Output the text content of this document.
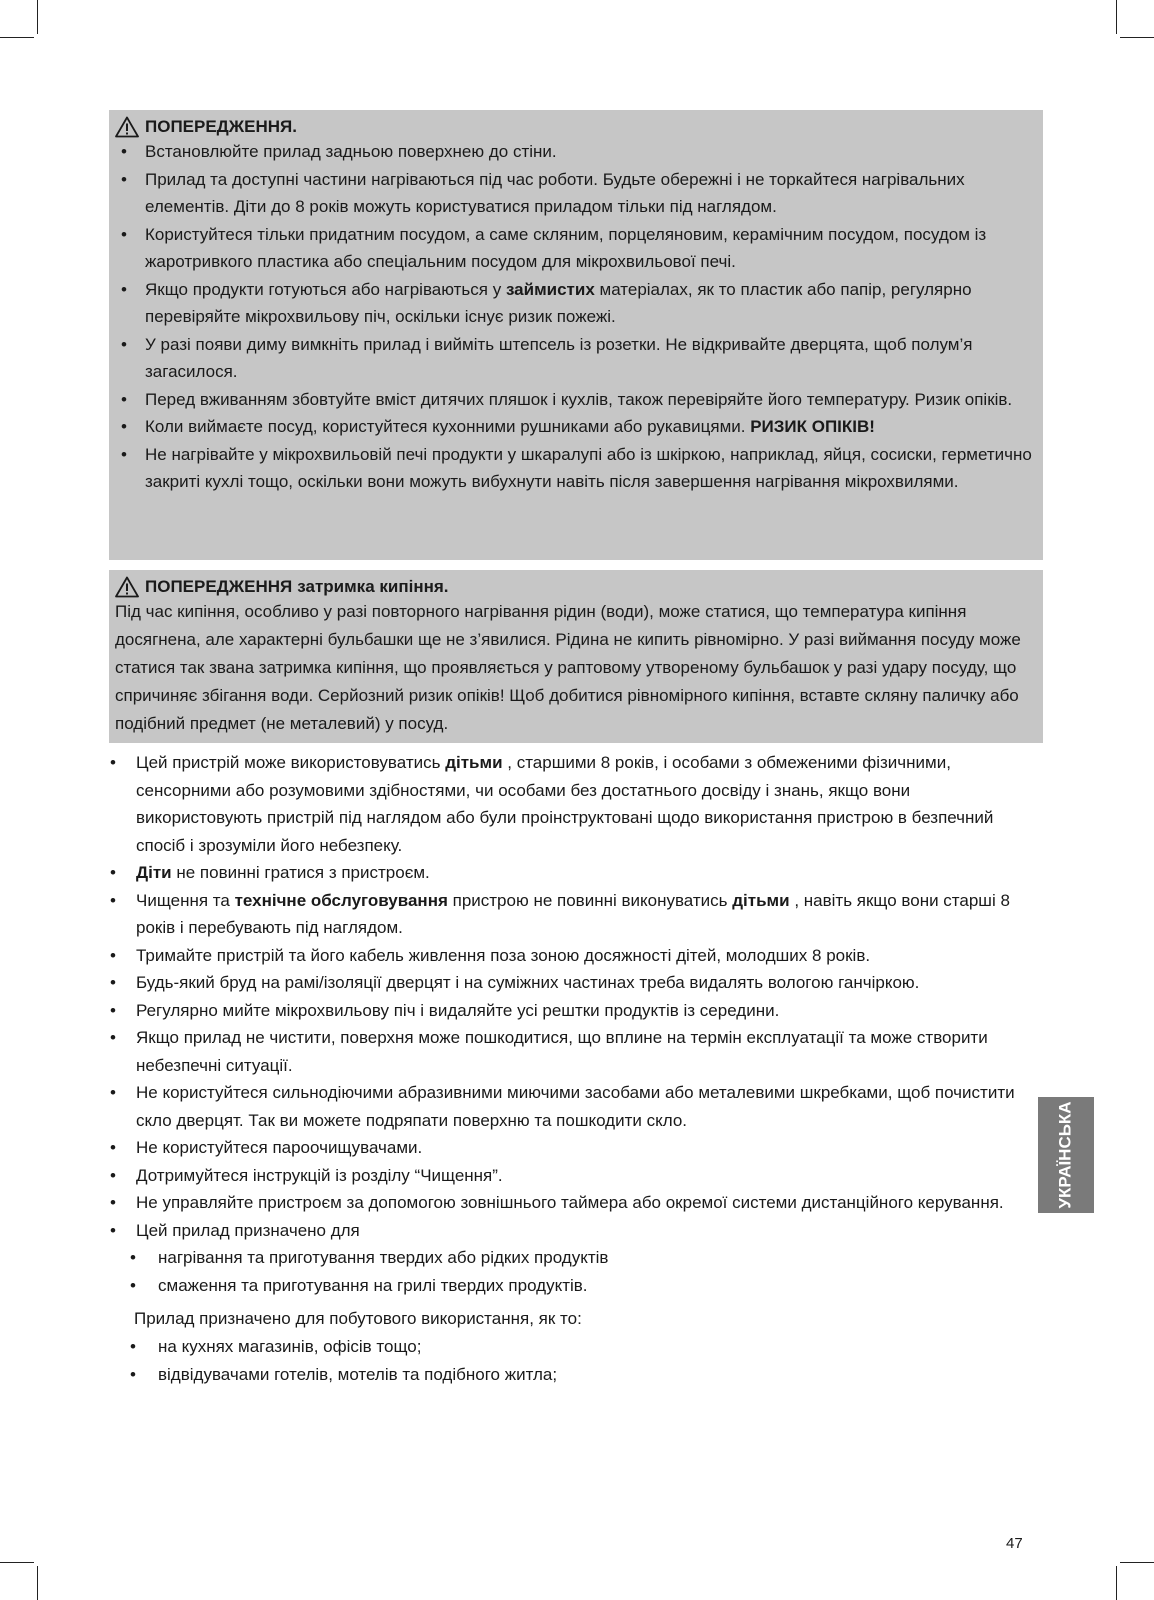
ПОПЕРЕДЖЕННЯ.
• Встановлюйте прилад задньою поверхнею до стіни.
• Прилад та доступні частини нагріваються під час роботи. Будьте обережні і не торкайтеся нагрівальних елементів. Діти до 8 років можуть користуватися приладом тільки під наглядом.
• Користуйтеся тільки придатним посудом, а саме скляним, порцеляновим, керамічним посудом, посудом із жаротривкого пластика або спеціальним посудом для мікрохвильової печі.
• Якщо продукти готуються або нагріваються у займистих матеріалах, як то пластик або папір, регулярно перевіряйте мікрохвильову піч, оскільки існує ризик пожежі.
• У разі появи диму вимкніть прилад і вийміть штепсель із розетки. Не відкривайте дверцята, щоб полум’я загасилося.
• Перед вживанням збовтуйте вміст дитячих пляшок і кухлів, також перевіряйте його температуру. Ризик опіків.
• Коли виймаєте посуд, користуйтеся кухонними рушниками або рукавицями. РИЗИК ОПІКІВ!
• Не нагрівайте у мікрохвильовій печі продукти у шкаралупі або із шкіркою, наприклад, яйця, сосиски, герметично закриті кухлі тощо, оскільки вони можуть вибухнути навіть після завершення нагрівання мікрохвилями.
ПОПЕРЕДЖЕННЯ затримка кипіння.
Під час кипіння, особливо у разі повторного нагрівання рідин (води), може статися, що температура кипіння досягнена, але характерні бульбашки ще не з’явилися. Рідина не кипить рівномірно. У разі виймання посуду може статися так звана затримка кипіння, що проявляється у раптовому утвореному бульбашок у разі удару посуду, що спричиняє збігання води. Серйозний ризик опіків! Щоб добитися рівномірного кипіння, вставте скляну паличку або подібний предмет (не металевий) у посуд.
• Цей пристрій може використовуватись дітьми , старшими 8 років, і особами з обмеженими фізичними, сенсорними або розумовими здібностями, чи особами без достатнього досвіду і знань, якщо вони використовують пристрій під наглядом або були проінструктовані щодо використання пристрою в безпечний спосіб і зрозуміли його небезпеку.
• Діти не повинні гратися з пристроєм.
• Чищення та технічне обслуговування пристрою не повинні виконуватись дітьми , навіть якщо вони старші 8 років і перебувають під наглядом.
• Тримайте пристрій та його кабель живлення поза зоною досяжності дітей, молодших 8 років.
• Будь-який бруд на рамі/ізоляції дверцят і на суміжних частинах треба видалять вологою ганчіркою.
• Регулярно мийте мікрохвильову піч і видаляйте усі рештки продуктів із середини.
• Якщо прилад не чистити, поверхня може пошкодитися, що вплине на термін експлуатації та може створити небезпечні ситуації.
• Не користуйтеся сильнодіючими абразивними миючими засобами або металевими шкребками, щоб почистити скло дверцят. Так ви можете подряпати поверхню та пошкодити скло.
• Не користуйтеся пароочищувачами.
• Дотримуйтеся інструкцій із розділу “Чищення”.
• Не управляйте пристроєм за допомогою зовнішнього таймера або окремої системи дистанційного керування.
• Цей прилад призначено для
• нагрівання та приготування твердих або рідких продуктів
• смаження та приготування на грилі твердих продуктів.
Прилад призначено для побутового використання, як то:
• на кухнях магазинів, офісів тощо;
• відвідувачами готелів, мотелів та подібного житла;
УКРАЇНСЬКА
47
